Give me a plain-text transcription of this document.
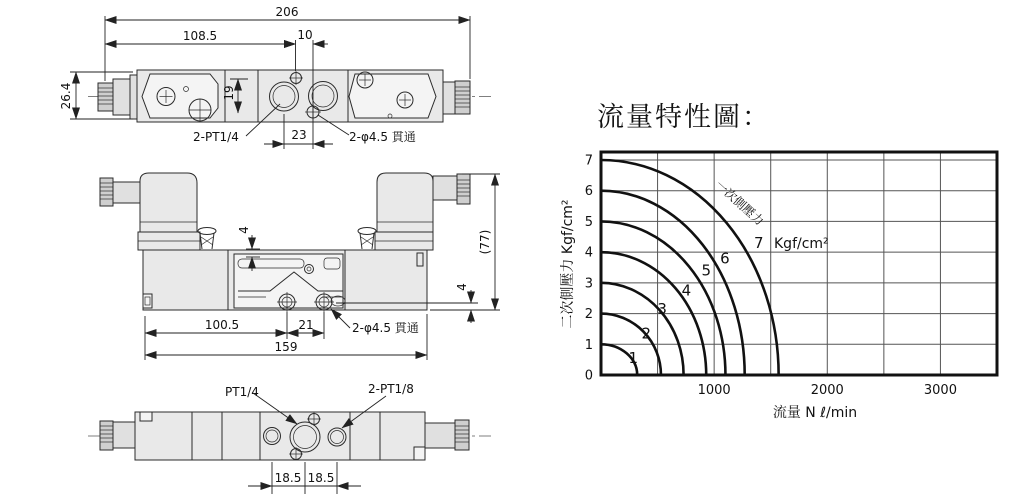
206
108.5	10
19
26.4
23
2-PT1/4	2-φ4.5 貫通
4	(77)
4
100.5	21
159
2-φ4.5 貫通
PT1/4	2-PT1/8
18.5 18.5
流量特性圖：
1
2
3
4
5
6
7
0
1
2
3
4
5
6
7
1000	2000	3000
一次側壓力
Kgf/cm²
二次側壓力 Kgf/cm²
流量 N ℓ/min
